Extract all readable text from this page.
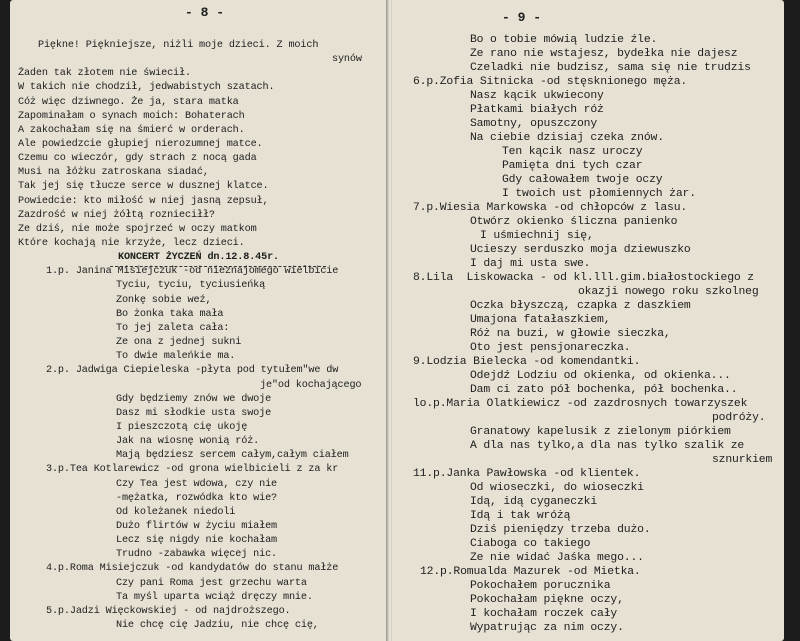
- 8 -
Piękne! Piękniejsze, niżli moje dzieci. Z moich
synów
Żaden tak złotem nie świecił.
W takich nie chodził, jedwabistych szatach.
Cóż więc dziwnego. Że ja, stara matka
Zapominałam o synach moich: Bohaterach
A zakochałam się na śmierć w orderach.
Ale powiedzcie głupiej nierozumnej matce.
Czemu co wieczór, gdy strach z nocą gada
Musi na łóżku zatroskana siadać,
Tak jej się tłucze serce w dusznej klatce.
Powiedcie: kto miłość w niej jasną zepsuł,
Zazdrość w niej żółtą roznieciłł?
Ze dziś, nie może spojrzeć w oczy matkom
Które kochają nie krzyże, lecz dzieci.
KONCERT ŻYCZEŃ dn.12.8.45r.
1.p. Janina Misiejczuk -od nieznajomego wielbicie
Tyciu, tyciu, tyciusieńką
Zonkę sobie weź,
Bo żonka taka mała
To jej zaleta cała:
Ze ona z jednej sukni
To dwie maleńkie ma.
2.p. Jadwiga Ciepieleska -płyta pod tytułem"we dw
je"od kochającego
Gdy będziemy znów we dwoje
Dasz mi słodkie usta swoje
I pieszczotą cię ukoję
Jak na wiosnę wonią róż.
Mają będziesz sercem całym,całym ciałem
3.p.Tea Kotlarewicz -od grona wielbicieli z za kr
Czy Tea jest wdowa, czy nie
-mężatka, rozwódka kto wie?
Od koleżanek niedoli
Dużo flirtów w życiu miałem
Lecz się nigdy nie kochałam
Trudno -zabawka więcej nic.
4.p.Roma Misiejczuk -od kandydatów do stanu małże
Czy pani Roma jest grzechu warta
Ta myśl uparta wciąż dręczy mnie.
5.p.Jadzi Więckowskiej - od najdroższego.
Nie chcę cię Jadziu, nie chcę cię,
- 9 -
Bo o tobie mówią ludzie źle.
Ze rano nie wstajesz, bydełka nie dajesz
Czeladki nie budzisz, sama się nie trudzis
6.p.Zofia Sitnicka -od stęsknionego męża.
Nasz kącik ukwiecony
Płatkami białych róż
Samotny, opuszczony
Na ciebie dzisiaj czeka znów.
Ten kącik nasz uroczy
Pamięta dni tych czar
Gdy całowałem twoje oczy
I twoich ust płomiennych żar.
7.p.Wiesia Markowska -od chłopców z lasu.
Otwórz okienko śliczna panienko
I uśmiechnij się,
Ucieszy serduszko moja dziewuszko
I daj mi usta swe.
8.Lila  Liskowacka - od kl.lll.gim.białostockiego z
okazji nowego roku szkolneg
Oczka błyszczą, czapka z daszkiem
Umajona fatałaszkiem,
Róż na buzi, w głowie sieczka,
Oto jest pensjonareczka.
9.Lodzia Bielecka -od komendantki.
Odejdź Lodziu od okienka, od okienka...
Dam ci zato pół bochenka, pół bochenka..
lo.p.Maria Olatkiewicz -od zazdrosnych towarzyszek
podróży.
Granatowy kapelusik z zielonym piórkiem
A dla nas tylko,a dla nas tylko szalik ze
sznurkiem
11.p.Janka Pawłowska -od klientek.
Od wioseczki, do wioseczki
Idą, idą cyganeczki
Idą i tak wróżą
Dziś pieniędzy trzeba dużo.
Ciaboga co takiego
Ze nie widać Jaśka mego...
12.p.Romualda Mazurek -od Mietka.
Pokochałem porucznika
Pokochałam piękne oczy,
I kochałam roczek cały
Wypatrując za nim oczy.
